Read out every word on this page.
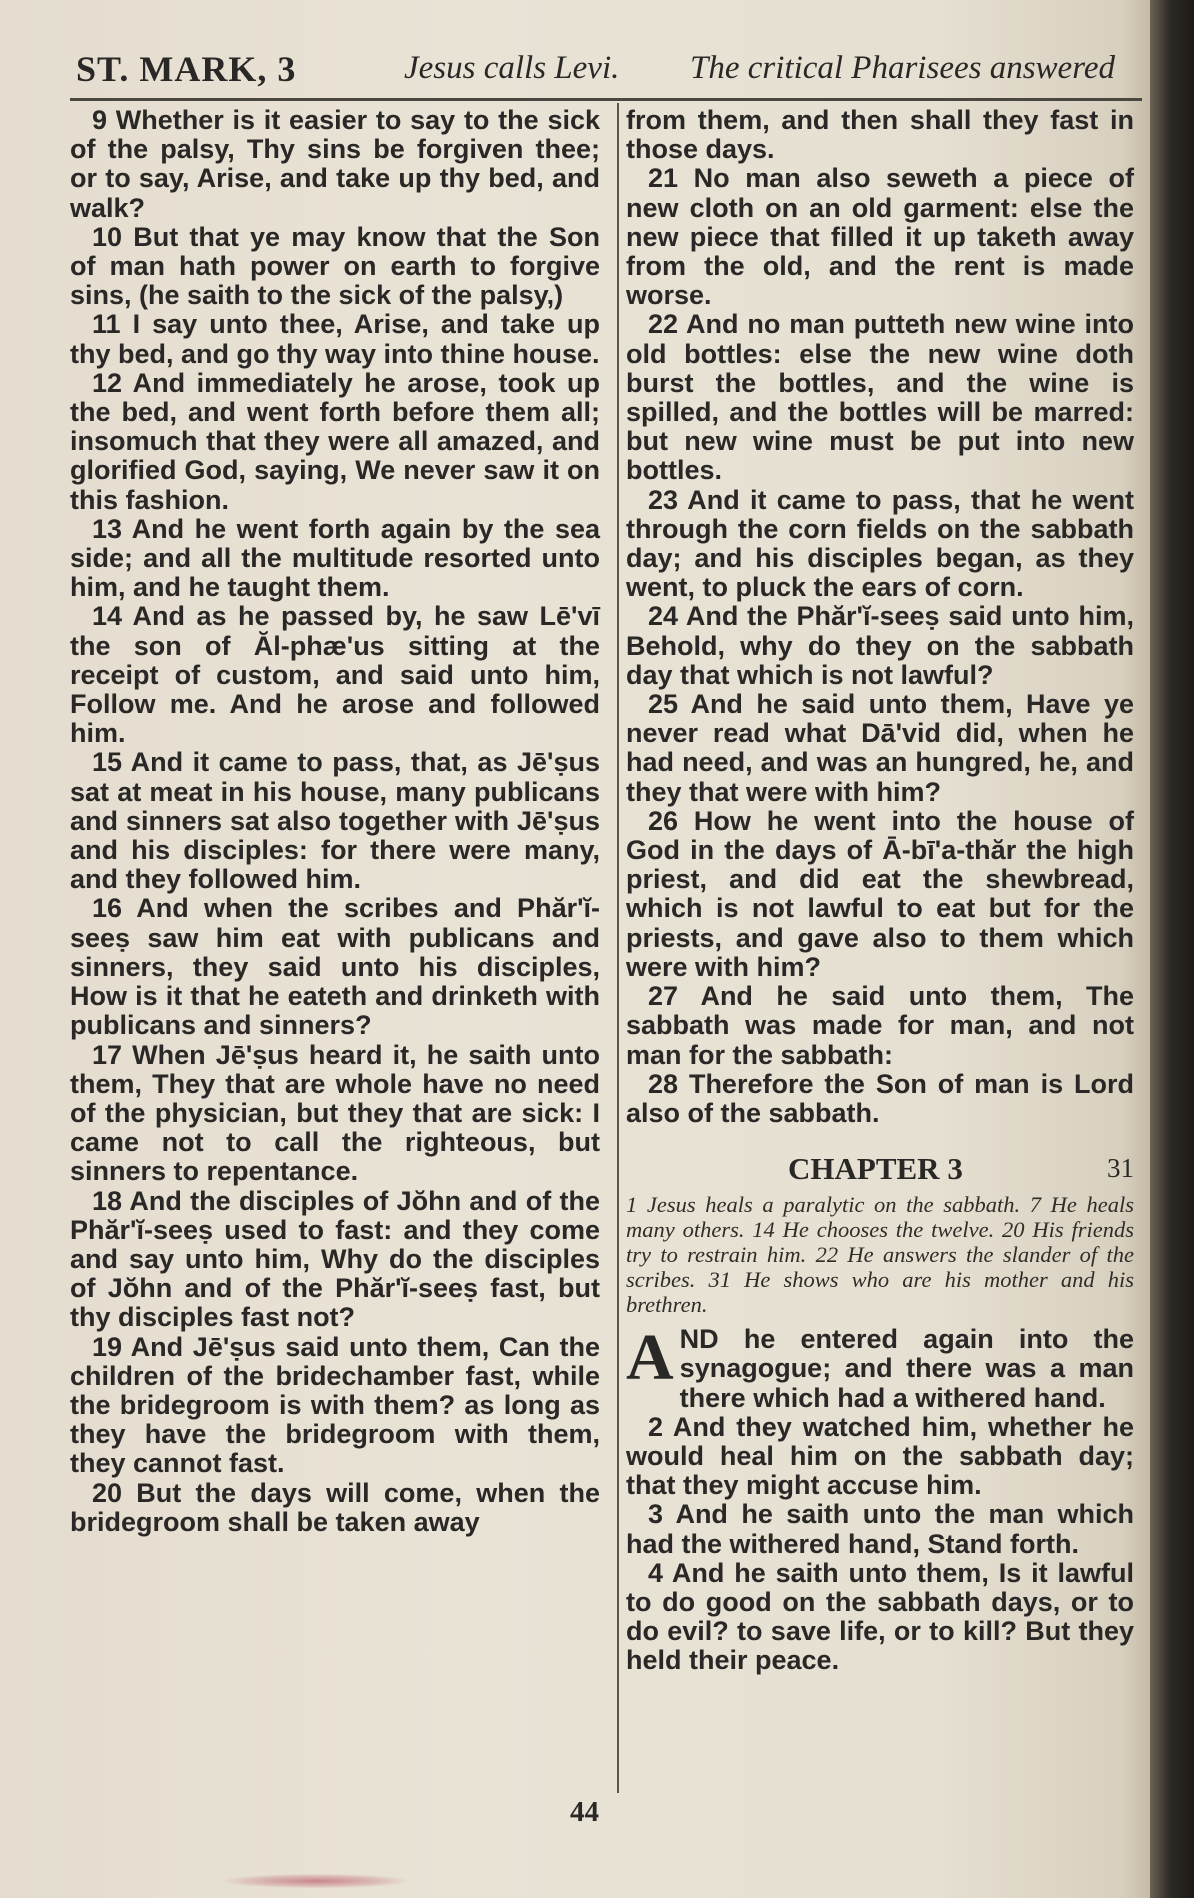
ST. MARK, 3	Jesus calls Levi. The critical Pharisees answered

9 Whether is it easier to say to the sick of the palsy, Thy sins be forgiven thee; or to say, Arise, and take up thy bed, and walk?

10 But that ye may know that the Son of man hath power on earth to forgive sins, (he saith to the sick of the palsy,)

11 I say unto thee, Arise, and take up thy bed, and go thy way into thine house.

12 And immediately he arose, took up the bed, and went forth before them all; insomuch that they were all amazed, and glorified God, saying, We never saw it on this fashion.

13 And he went forth again by the sea side; and all the multitude resorted unto him, and he taught them.

14 And as he passed by, he saw Lē'vī the son of Ăl-phæ'us sitting at the receipt of custom, and said unto him, Follow me. And he arose and followed him.

15 And it came to pass, that, as Jē'ṣus sat at meat in his house, many publicans and sinners sat also together with Jē'ṣus and his disciples: for there were many, and they followed him.

16 And when the scribes and Phăr'ĭ-seeṣ saw him eat with publicans and sinners, they said unto his disciples, How is it that he eateth and drinketh with publicans and sinners?

17 When Jē'ṣus heard it, he saith unto them, They that are whole have no need of the physician, but they that are sick: I came not to call the righteous, but sinners to repentance.

18 And the disciples of Jŏhn and of the Phăr'ĭ-seeṣ used to fast: and they come and say unto him, Why do the disciples of Jŏhn and of the Phăr'ĭ-seeṣ fast, but thy disciples fast not?

19 And Jē'ṣus said unto them, Can the children of the bridechamber fast, while the bridegroom is with them? as long as they have the bridegroom with them, they cannot fast.

20 But the days will come, when the bridegroom shall be taken away

from them, and then shall they fast in those days.

21 No man also seweth a piece of new cloth on an old garment: else the new piece that filled it up taketh away from the old, and the rent is made worse.

22 And no man putteth new wine into old bottles: else the new wine doth burst the bottles, and the wine is spilled, and the bottles will be marred: but new wine must be put into new bottles.

23 And it came to pass, that he went through the corn fields on the sabbath day; and his disciples began, as they went, to pluck the ears of corn.

24 And the Phăr'ĭ-seeṣ said unto him, Behold, why do they on the sabbath day that which is not lawful?

25 And he said unto them, Have ye never read what Dā'vid did, when he had need, and was an hungred, he, and they that were with him?

26 How he went into the house of God in the days of Ā-bī'a-thăr the high priest, and did eat the shewbread, which is not lawful to eat but for the priests, and gave also to them which were with him?

27 And he said unto them, The sabbath was made for man, and not man for the sabbath:

28 Therefore the Son of man is Lord also of the sabbath.

CHAPTER 3	31

1 Jesus heals a paralytic on the sabbath. 7 He heals many others. 14 He chooses the twelve. 20 His friends try to restrain him. 22 He answers the slander of the scribes. 31 He shows who are his mother and his brethren.

AND he entered again into the synagogue; and there was a man there which had a withered hand.

2 And they watched him, whether he would heal him on the sabbath day; that they might accuse him.

3 And he saith unto the man which had the withered hand, Stand forth.

4 And he saith unto them, Is it lawful to do good on the sabbath days, or to do evil? to save life, or to kill? But they held their peace.

44
